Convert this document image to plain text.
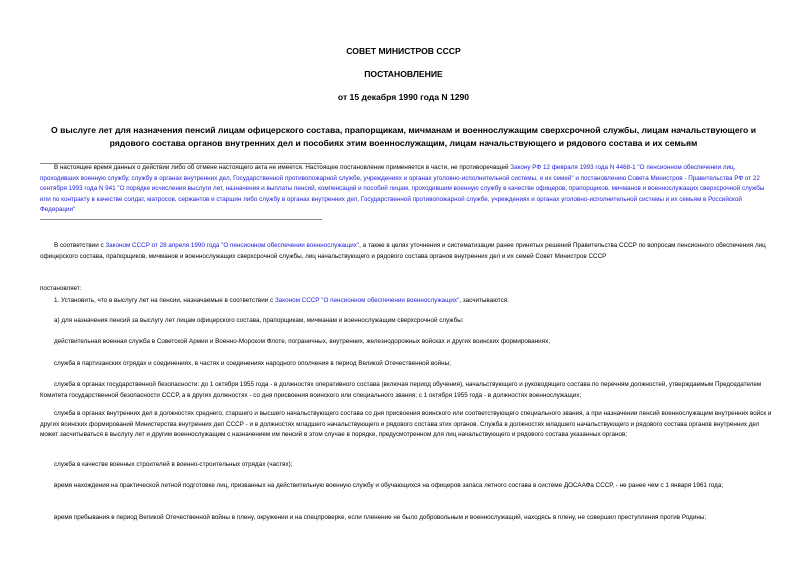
СОВЕТ МИНИСТРОВ СССР
ПОСТАНОВЛЕНИЕ
от 15 декабря 1990 года N 1290
О выслуге лет для назначения пенсий лицам офицерского состава, прапорщикам, мичманам и военнослужащим сверхсрочной службы, лицам начальствующего и рядового состава органов внутренних дел и пособиях этим военнослужащим, лицам начальствующего и рядового состава и их семьям
В настоящее время данных о действии либо об отмене настоящего акта не имеется. Настоящее постановление применяется в части, не противоречащей Закону РФ 12 февраля 1993 года N 4468-1 "О пенсионном обеспечении лиц, проходивших военную службу, службу в органах внутренних дел, Государственной противопожарной службе, учреждениях и органах уголовно-исполнительной системы, и их семей" и постановлению Совета Министров - Правительства РФ от 22 сентября 1993 года N 941 "О порядке исчисления выслуги лет, назначения и выплаты пенсий, компенсаций и пособий лицам, проходившим военную службу в качестве офицеров, прапорщиков, мичманов и военнослужащих сверхсрочной службы или по контракту в качестве солдат, матросов, сержантов и старшин либо службу в органах внутренних дел, Государственной противопожарной службе, учреждениях и органах уголовно-исполнительной системы и их семьям в Российской Федерации"
В соответствии с Законом СССР от 28 апреля 1990 года "О пенсионном обеспечении военнослужащих", а также в целях уточнения и систематизации ранее принятых решений Правительства СССР по вопросам пенсионного обеспечения лиц офицерского состава, прапорщиков, мичманов и военнослужащих сверхсрочной службы, лиц начальствующего и рядового состава органов внутренних дел и их семей Совет Министров СССР
постановляет:
1. Установить, что в выслугу лет на пенсии, назначаемые в соответствии с Законом СССР "О пенсионном обеспечении военнослужащих", засчитываются:
а) для назначения пенсий за выслугу лет лицам офицерского состава, прапорщикам, мичманам и военнослужащим сверхсрочной службы:
действительная военная служба в Советской Армии и Военно-Морском Флоте, пограничных, внутренних, железнодорожных войсках и других воинских формированиях;
служба в партизанских отрядах и соединениях, в частях и соединениях народного ополчения в период Великой Отечественной войны;
служба в органах государственной безопасности: до 1 октября 1955 года - в должностях оперативного состава (включая период обучения), начальствующего и руководящего состава по перечням должностей, утверждаемым Председателем Комитета государственной безопасности СССР, а в других должностях - со дня присвоения воинского или специального звания; с 1 октября 1955 года - в должностях военнослужащих;
служба в органах внутренних дел в должностях среднего, старшего и высшего начальствующего состава со дня присвоения воинского или соответствующего специального звания, а при назначении пенсий военнослужащим внутренних войск и других воинских формирований Министерства внутренних дел СССР - и в должностях младшего начальствующего и рядового состава этих органов. Служба в должностях младшего начальствующего и рядового состава органов внутренних дел может засчитываться в выслугу лет и другим военнослужащим с назначением им пенсий в этом случае в порядке, предусмотренном для лиц начальствующего и рядового состава указанных органов;
служба в качестве военных строителей в военно-строительных отрядах (частях);
время нахождения на практической летной подготовке лиц, призванных на действительную военную службу и обучающихся на офицеров запаса летного состава в системе ДОСААФа СССР, - не ранее чем с 1 января 1961 года;
время пребывания в период Великой Отечественной войны в плену, окружении и на спецпроверке, если пленение не было добровольным и военнослужащий, находясь в плену, не совершил преступления против Родины;
